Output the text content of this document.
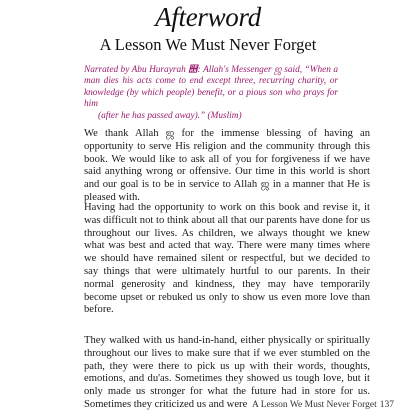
Afterword
A Lesson We Must Never Forget
Narrated by Abu Hurayrah ஥: Allah's Messenger ஜ said, “When a man dies his acts come to end except three, recurring charity, or knowledge (by which people) benefit, or a pious son who prays for him
(after he has passed away).” (Muslim)
We thank Allah ஜ for the immense blessing of having an opportunity to serve His religion and the community through this book. We would like to ask all of you for forgiveness if we have said anything wrong or offensive. Our time in this world is short and our goal is to be in service to Allah ஜ in a manner that He is pleased with.
Having had the opportunity to work on this book and revise it, it was difficult not to think about all that our parents have done for us throughout our lives. As children, we always thought we knew what was best and acted that way. There were many times where we should have remained silent or respectful, but we decided to say things that were ultimately hurtful to our parents. In their normal generosity and kindness, they may have temporarily become upset or rebuked us only to show us even more love than before.
They walked with us hand-in-hand, either physically or spiritually throughout our lives to make sure that if we ever stumbled on the path, they were there to pick us up with their words, thoughts, emotions, and du'as. Sometimes they showed us tough love, but it only made us stronger for what the future had in store for us. Sometimes they criticized us and were A Lesson We Must Never Forget 137
